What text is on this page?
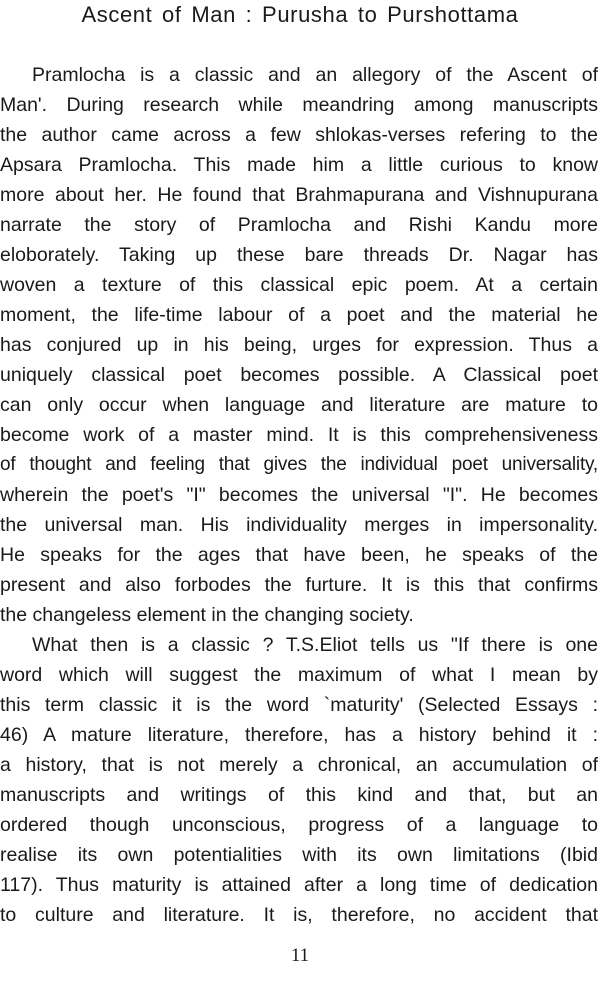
Ascent of Man : Purusha to Purshottama
Pramlocha is a classic and an allegory of the Ascent of
Man'. During research while meandring among manuscripts
the author came across a few shlokas-verses refering to the
Apsara Pramlocha. This made him a little curious to know
more about her. He found that Brahmapurana and Vishnupurana
narrate the story of Pramlocha and Rishi Kandu more
eloborately. Taking up these bare threads Dr. Nagar has
woven a texture of this classical epic poem. At a certain
moment, the life-time labour of a poet and the material he
has conjured up in his being, urges for expression. Thus a
uniquely classical poet becomes possible. A Classical poet
can only occur when language and literature are mature to
become work of a master mind. It is this comprehensiveness
of thought and feeling that gives the individual poet universality,
wherein the poet's "I" becomes the universal "I". He becomes
the universal man. His individuality merges in impersonality.
He speaks for the ages that have been, he speaks of the
present and also forbodes the furture. It is this that confirms
the changeless element in the changing society.
What then is a classic ? T.S.Eliot tells us "If there is one
word which will suggest the maximum of what I mean by
this term classic it is the word `maturity' (Selected Essays :
46) A mature literature, therefore, has a history behind it :
a history, that is not merely a chronical, an accumulation of
manuscripts and writings of this kind and that, but an
ordered though unconscious, progress of a language to
realise its own potentialities with its own limitations (Ibid
117). Thus maturity is attained after a long time of dedication
to culture and literature. It is, therefore, no accident that
11
